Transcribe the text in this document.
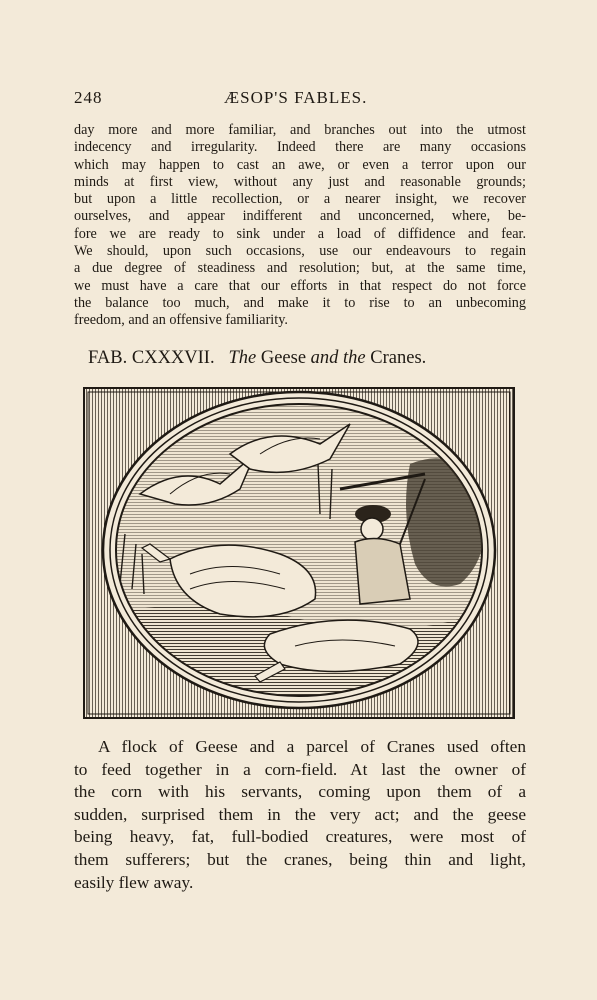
248	ÆSOP'S FABLES.
day more and more familiar, and branches out into the utmost
indecency and irregularity. Indeed there are many occasions
which may happen to cast an awe, or even a terror upon our
minds at first view, without any just and reasonable grounds;
but upon a little recollection, or a nearer insight, we recover
ourselves, and appear indifferent and unconcerned, where, be-
fore we are ready to sink under a load of diffidence and fear.
We should, upon such occasions, use our endeavours to regain
a due degree of steadiness and resolution; but, at the same time,
we must have a care that our efforts in that respect do not force
the balance too much, and make it to rise to an unbecoming
freedom, and an offensive familiarity.
FAB. CXXXVII. The Geese and the Cranes.
A flock of Geese and a parcel of Cranes used often
to feed together in a corn-field. At last the owner of
the corn with his servants, coming upon them of a
sudden, surprised them in the very act; and the geese
being heavy, fat, full-bodied creatures, were most of
them sufferers; but the cranes, being thin and light,
easily flew away.
